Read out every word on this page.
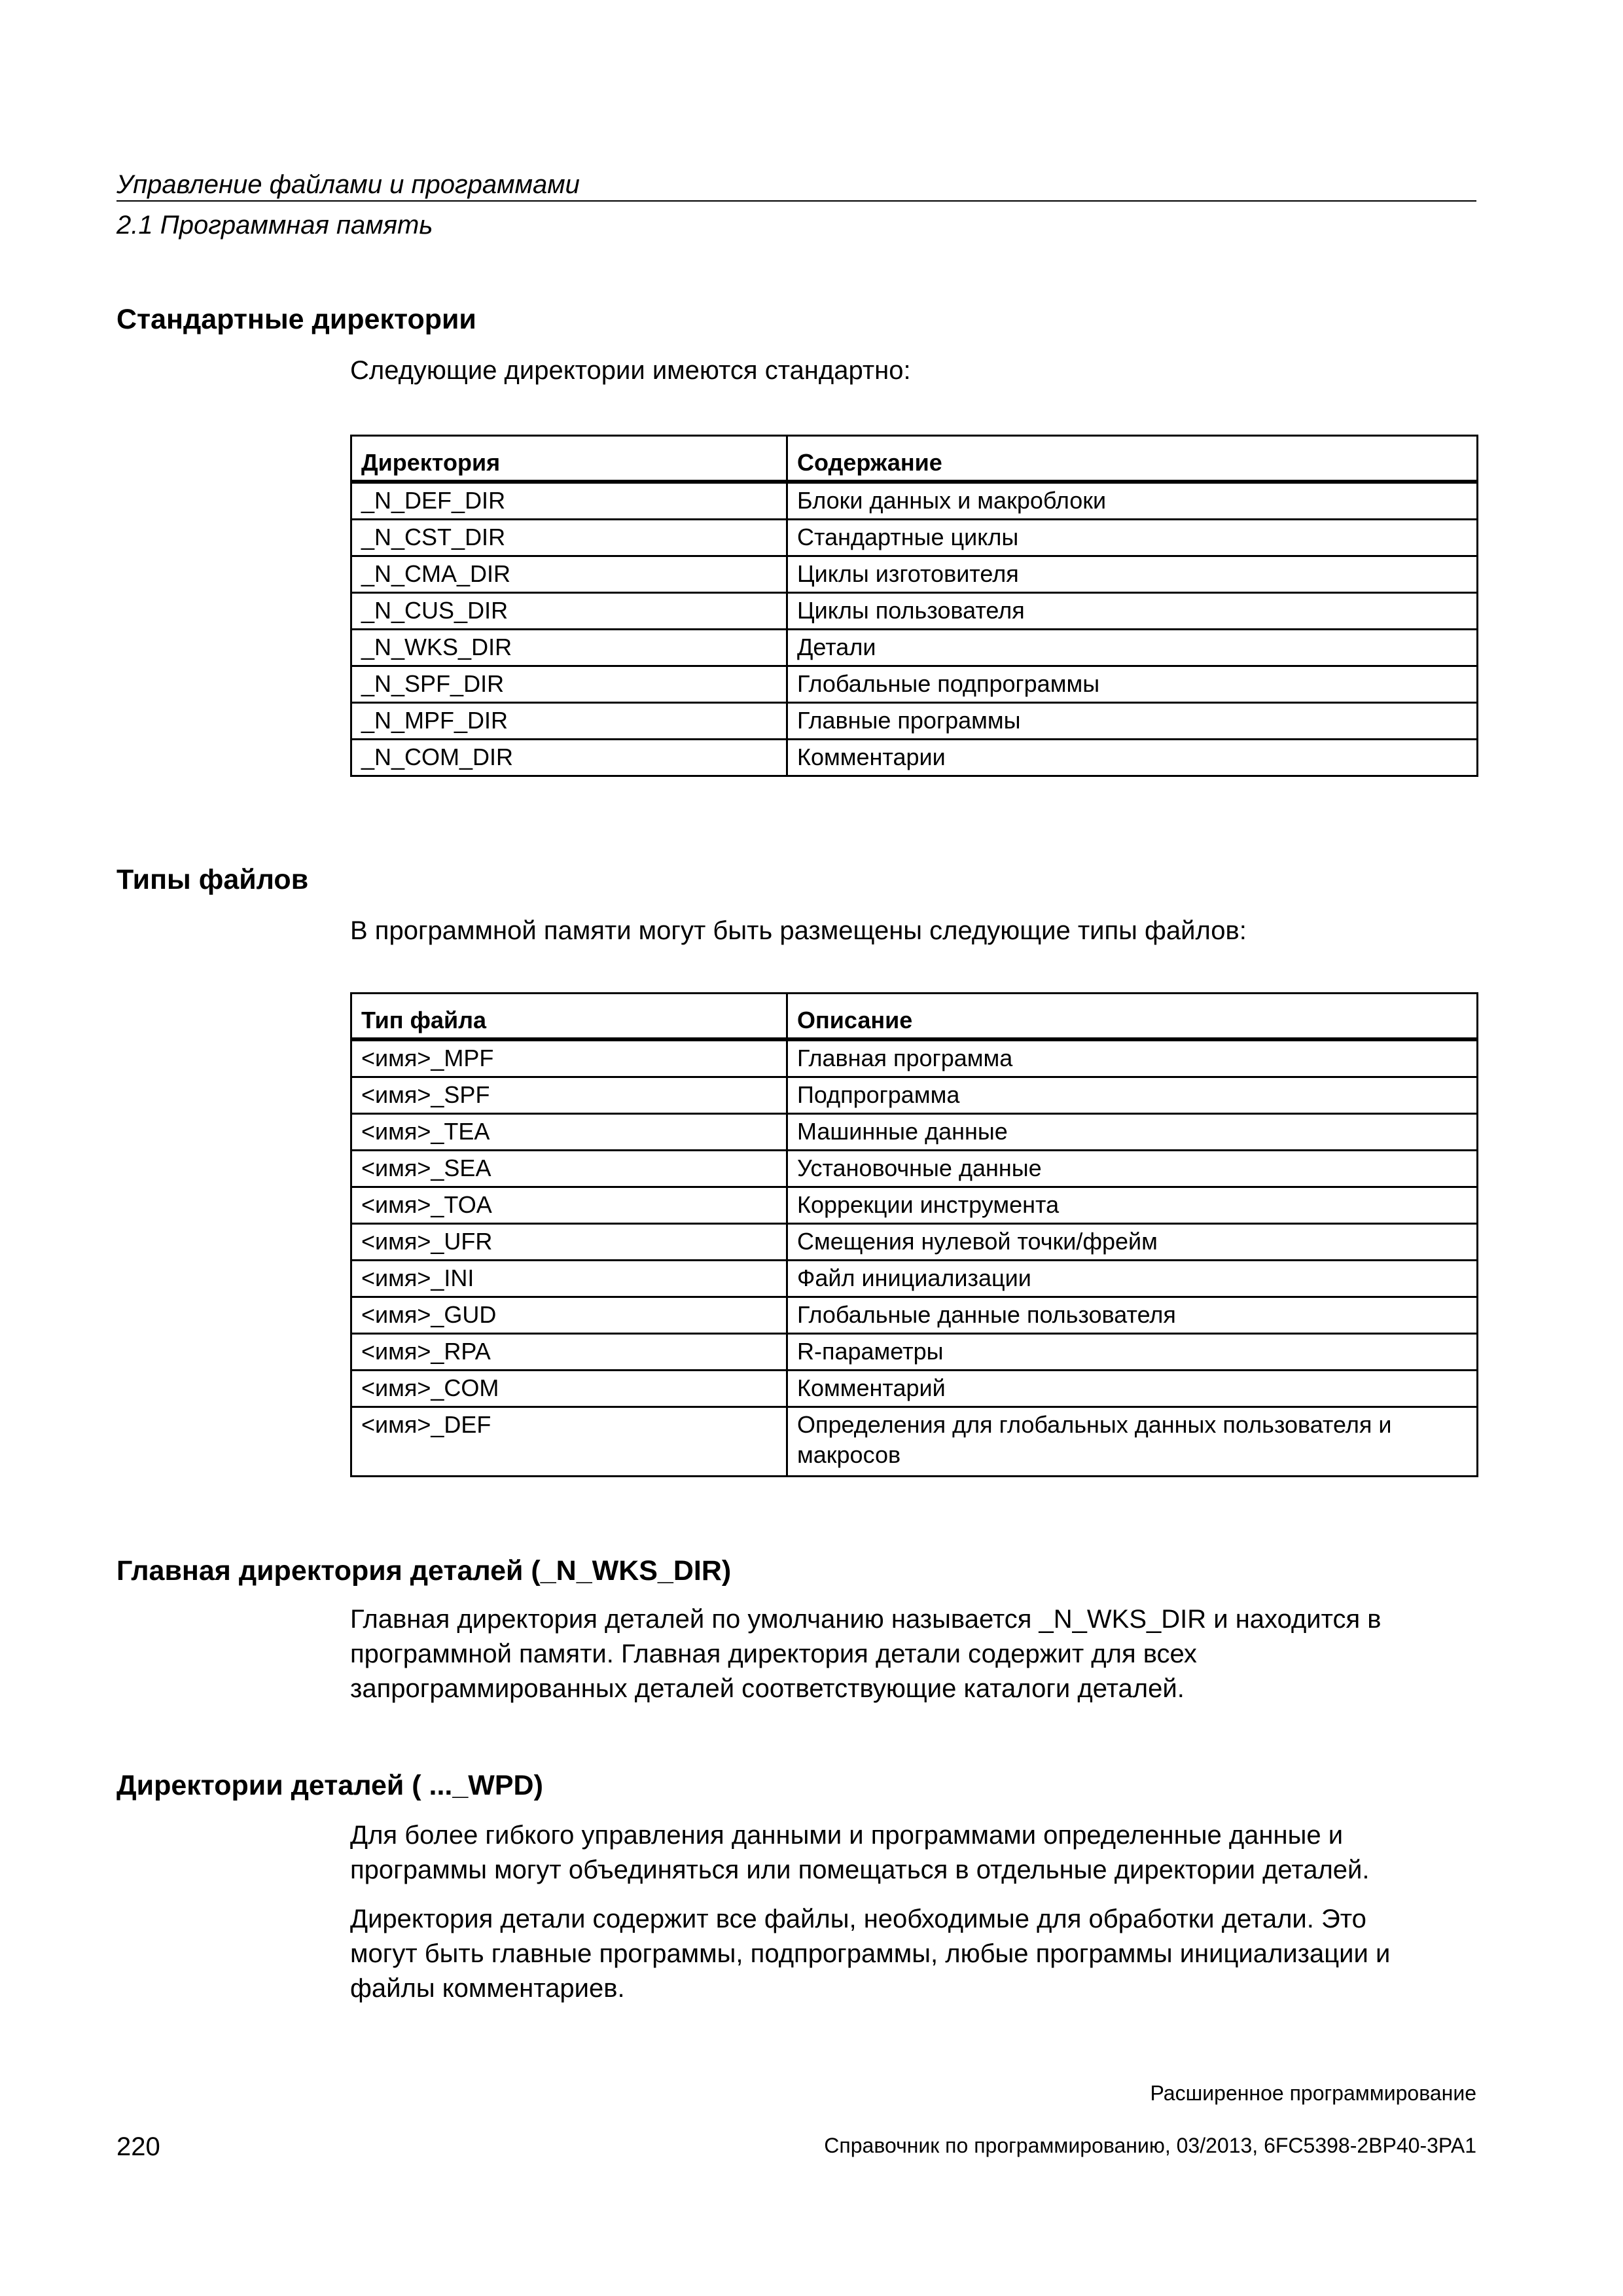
Управление файлами и программами
2.1 Программная память
Стандартные директории
Следующие директории имеются стандартно:
Директория	Содержание
_N_DEF_DIR	Блоки данных и макроблоки
_N_CST_DIR	Стандартные циклы
_N_CMA_DIR	Циклы изготовителя
_N_CUS_DIR	Циклы пользователя
_N_WKS_DIR	Детали
_N_SPF_DIR	Глобальные подпрограммы
_N_MPF_DIR	Главные программы
_N_COM_DIR	Комментарии
Типы файлов
В программной памяти могут быть размещены следующие типы файлов:
Тип файла	Описание
<имя>_MPF	Главная программа
<имя>_SPF	Подпрограмма
<имя>_TEA	Машинные данные
<имя>_SEA	Установочные данные
<имя>_TOA	Коррекции инструмента
<имя>_UFR	Смещения нулевой точки/фрейм
<имя>_INI	Файл инициализации
<имя>_GUD	Глобальные данные пользователя
<имя>_RPA	R-параметры
<имя>_COM	Комментарий
<имя>_DEF	Определения для глобальных данных пользователя и макросов
Главная директория деталей (_N_WKS_DIR)
Главная директория деталей по умолчанию называется _N_WKS_DIR и находится в
программной памяти. Главная директория детали содержит для всех
запрограммированных деталей соответствующие каталоги деталей.
Директории деталей ( ..._WPD)
Для более гибкого управления данными и программами определенные данные и
программы могут объединяться или помещаться в отдельные директории деталей.
Директория детали содержит все файлы, необходимые для обработки детали. Это
могут быть главные программы, подпрограммы, любые программы инициализации и
файлы комментариев.
Расширенное программирование
Справочник по программированию, 03/2013, 6FC5398-2BP40-3PA1
220
